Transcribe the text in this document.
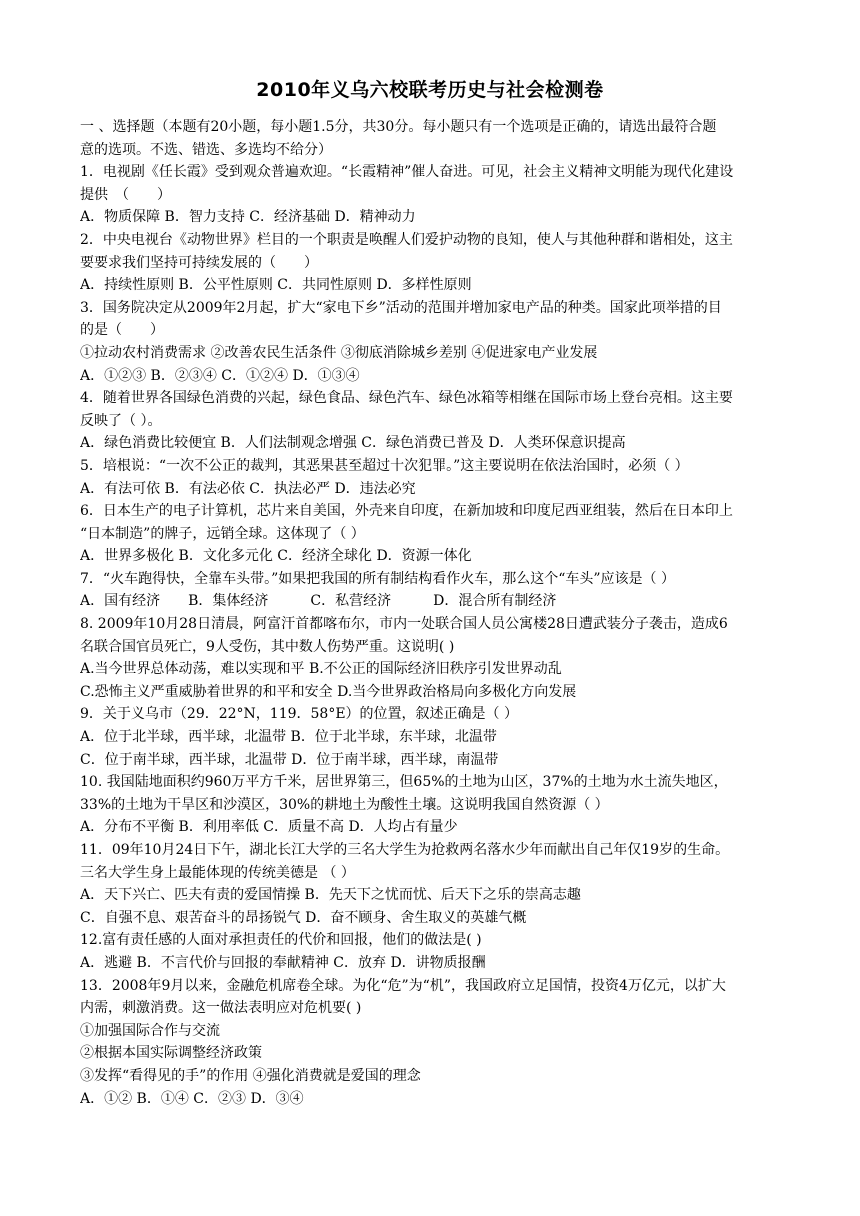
2010年义乌六校联考历史与社会检测卷
一 、选择题（本题有20小题，每小题1.5分，共30分。每小题只有一个选项是正确的，请选出最符合题
意的选项。不选、错选、多选均不给分）
1．电视剧《任长霞》受到观众普遍欢迎。“长霞精神”催人奋进。可见，社会主义精神文明能为现代化建设
提供　（　　）
A．物质保障 B．智力支持 C．经济基础 D．精神动力
2．中央电视台《动物世界》栏目的一个职责是唤醒人们爱护动物的良知，使人与其他种群和谐相处，这主
要要求我们坚持可持续发展的（　　）
A．持续性原则 B．公平性原则 C．共同性原则 D．多样性原则
3．国务院决定从2009年2月起，扩大“家电下乡”活动的范围并增加家电产品的种类。国家此项举措的目
的是（　　）
①拉动农村消费需求 ②改善农民生活条件 ③彻底消除城乡差别 ④促进家电产业发展
A．①②③ B．②③④ C．①②④ D．①③④
4．随着世界各国绿色消费的兴起，绿色食品、绿色汽车、绿色冰箱等相继在国际市场上登台亮相。这主要
反映了（ ）。
A．绿色消费比较便宜 B．人们法制观念增强 C．绿色消费已普及 D．人类环保意识提高
5．培根说：“一次不公正的裁判，其恶果甚至超过十次犯罪。”这主要说明在依法治国时，必须（ ）
A．有法可依 B．有法必依 C．执法必严 D．违法必究
6．日本生产的电子计算机，芯片来自美国，外壳来自印度，在新加坡和印度尼西亚组装，然后在日本印上
“日本制造”的牌子，远销全球。这体现了（ ）
A．世界多极化 B．文化多元化 C．经济全球化 D．资源一体化
7．“火车跑得快，全靠车头带。”如果把我国的所有制结构看作火车，那么这个“车头”应该是（ ）
A．国有经济　　B．集体经济　　　C．私营经济　　　D．混合所有制经济
8. 2009年10月28日清晨，阿富汗首都喀布尔，市内一处联合国人员公寓楼28日遭武装分子袭击，造成6
名联合国官员死亡，9人受伤，其中数人伤势严重。这说明( )
A.当今世界总体动荡，难以实现和平 B.不公正的国际经济旧秩序引发世界动乱
C.恐怖主义严重威胁着世界的和平和安全 D.当今世界政治格局向多极化方向发展
9．关于义乌市（29．22°N，119．58°E）的位置，叙述正确是（ ）
A．位于北半球，西半球，北温带 B．位于北半球，东半球，北温带
C．位于南半球，西半球，北温带 D．位于南半球，西半球，南温带
10. 我国陆地面积约960万平方千米，居世界第三，但65%的土地为山区，37%的土地为水土流失地区，
33%的土地为干旱区和沙漠区，30%的耕地土为酸性土壤。这说明我国自然资源（ ）
A．分布不平衡 B．利用率低 C．质量不高 D．人均占有量少
11．09年10月24日下午，湖北长江大学的三名大学生为抢救两名落水少年而献出自己年仅19岁的生命。
三名大学生身上最能体现的传统美德是 （ ）
A．天下兴亡、匹夫有责的爱国情操 B．先天下之忧而忧、后天下之乐的崇高志趣
C．自强不息、艰苦奋斗的昂扬锐气 D．奋不顾身、舍生取义的英雄气概
12.富有责任感的人面对承担责任的代价和回报，他们的做法是( )
A．逃避 B．不言代价与回报的奉献精神 C．放弃 D．讲物质报酬
13．2008年9月以来，金融危机席卷全球。为化“危”为“机”，我国政府立足国情，投资4万亿元，以扩大
内需，刺激消费。这一做法表明应对危机要( )
①加强国际合作与交流
②根据本国实际调整经济政策
③发挥“看得见的手”的作用 ④强化消费就是爱国的理念
A．①② B．①④ C．②③ D．③④
